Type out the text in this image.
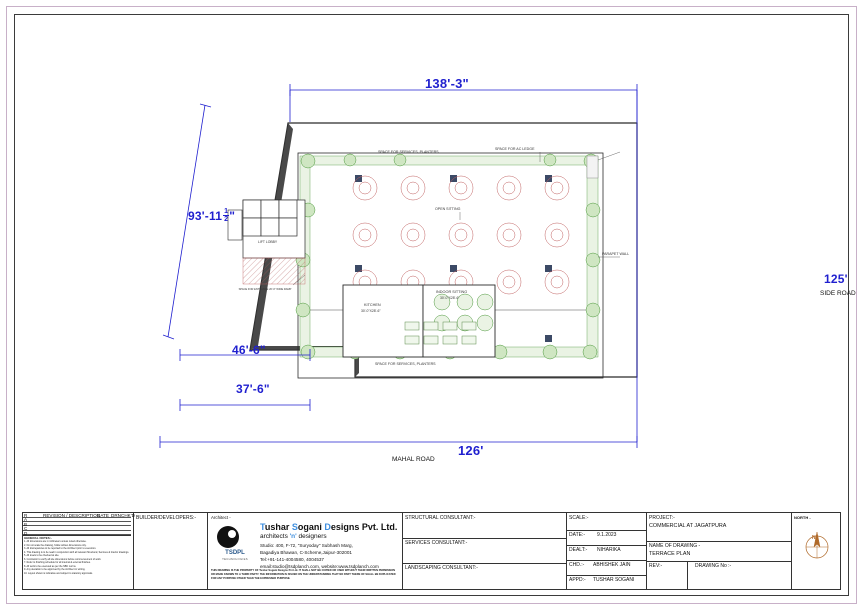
SPACE FOR AC LEDGE
SPACE FOR SERVICES, PLANTERS
OPEN SITTING
PARAPET WALL
LIFT LOBBY
KITCHEN
30'-0"X28'-6"
INDOOR SITTING
30'-0"X28'-6"
SPACE FOR SERVICES, PLANTERS
SPACE FOR ENTRANCE 20'-0" WIDE RAMP
138'-3"
$93'-11 \frac{1}{2}$ "
46'-6"
37'-6"
126'
125'
SIDE ROAD
MAHAL ROAD
R	REVISION / DESCRIPTION
DATE DRN CHK'D
A
B
C
D
GENERAL NOTES:-
1. All dimensions are in millimeters unless noted otherwise.
2. Do not scale the drawing, follow written dimensions only.
3. All discrepancies to be reported to the Architect prior to execution.
4. This drawing is to be read in conjunction with all relevant Structural, Services & Interior drawings.
5. All levels to be checked at site.
6. Contractor to verify all site dimensions before commencement of work.
7. Refer to finishing schedule for all internal & external finishes.
8. All work to be executed as per the NBC norms.
9. Any deviation to be approved by the Architect in writing.
10. Layout shown is indicative and subject to statutory approvals.
BUILDER/DEVELOPERS:-	Architect -
TSDPL
TECHNOLOGIES
Tushar Sogani Designs Pvt. Ltd.
architects 'n' designers
Studio: 400, F-72, "Suryoday" Subhash Marg,
Bagadiya Bhawan, C-Scheme,Jaipur-302001
Tel:+91-141-4004580, 4004537
email:studio@tsdplanch.com, website:www.tsdplanch.com
THIS DRAWING IS THE PROPERTY OF Tushar Sogani Designs Pvt Ltd. IT SHALL NOT BE COPIED OR USED WITHOUT THEIR WRITTEN PERMISSION OR MADE KNOWN TO A THIRD PARTY. THE INFORMATION IS ISSUED ON THE UNDERSTANDING THAT NO PART THERE OF SHALL BE DUPLICATED FOR ANY PURPOSE OTHER THAN THE EXPRESSED PURPOSE.
STRUCTURAL CONSULTANT:-
SERVICES CONSULTANT:-
LANDSCAPING CONSULTANT:-
SCALE:-
DATE:- 9.1.2023
DEALT:- NIHARIKA
CHD.:- ABHISHEK JAIN
APPD:- TUSHAR SOGANI
PROJECT:-
COMMERCIAL AT JAGATPURA
NAME OF DRAWING -
TERRACE PLAN
REV:-	DRAWING No :-
NORTH -
N
